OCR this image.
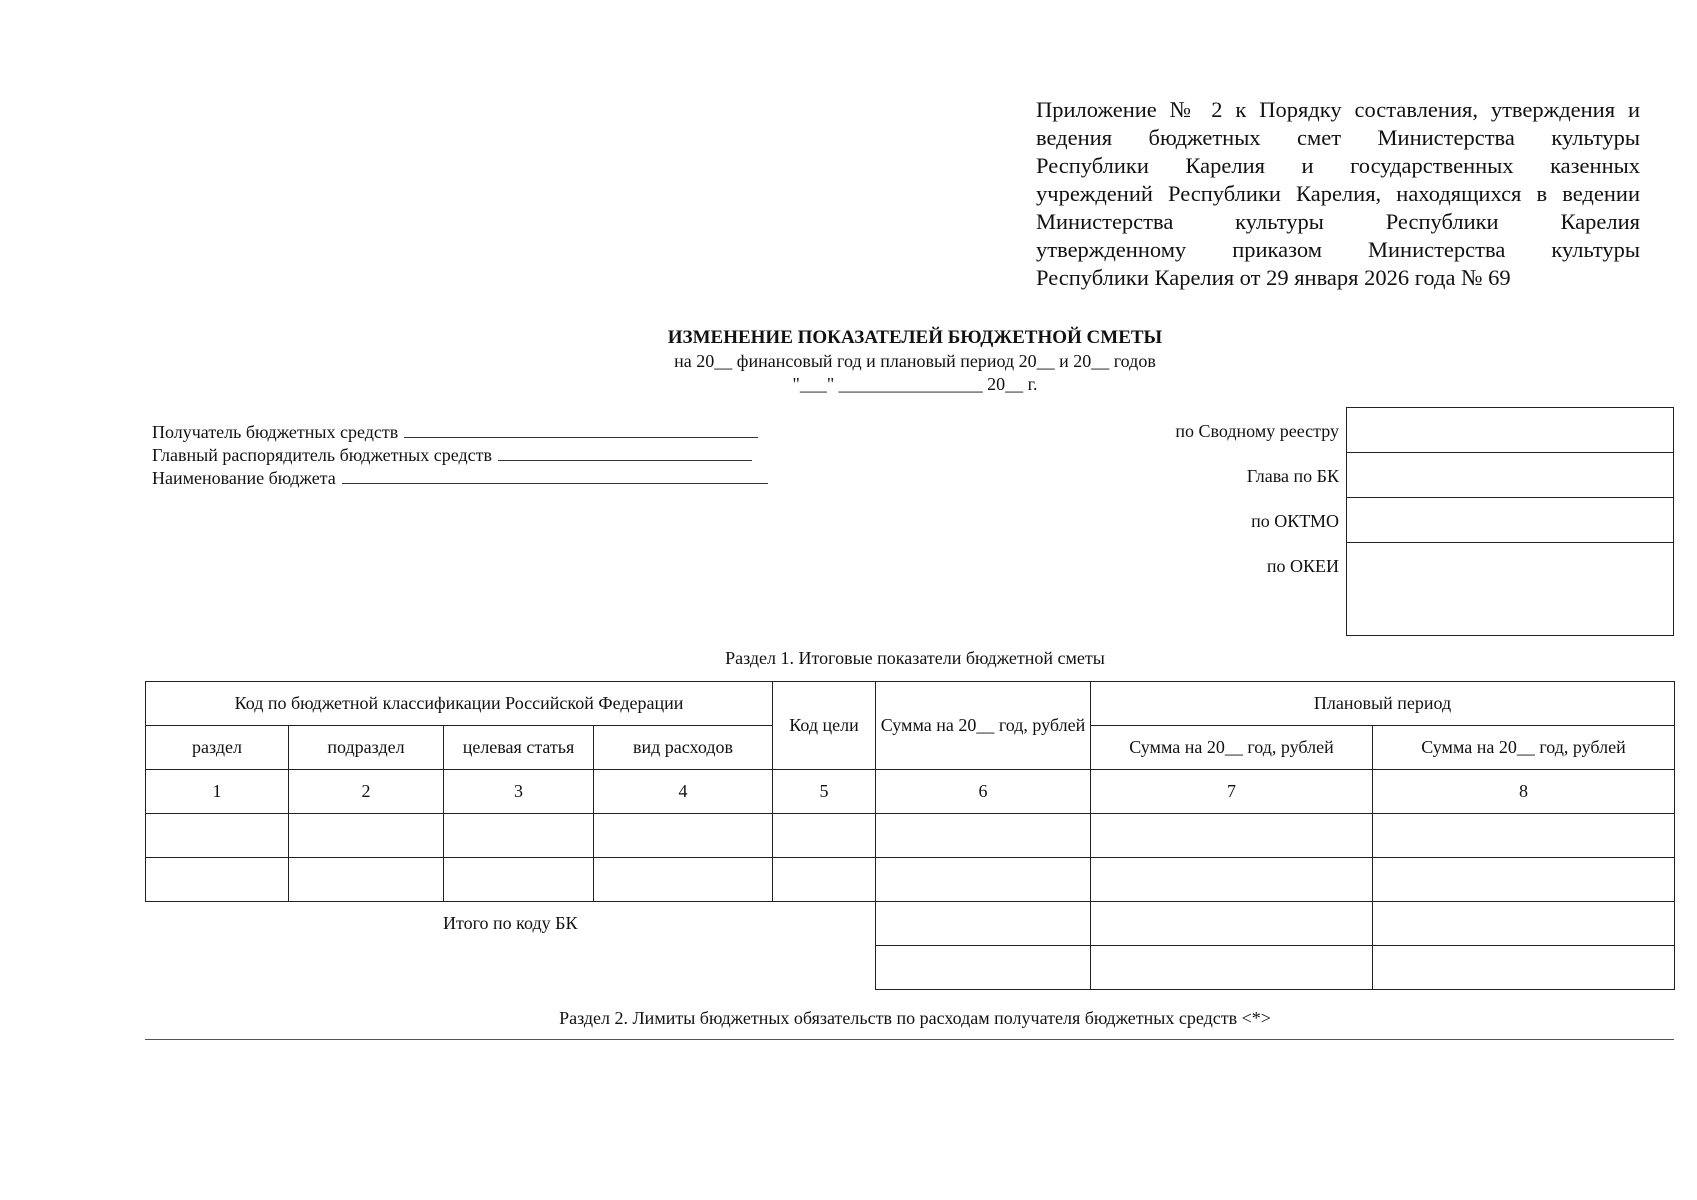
Приложение № 2 к Порядку составления, утверждения и
ведения бюджетных смет Министерства культуры
Республики Карелия и государственных казенных
учреждений Республики Карелия, находящихся в ведении
Министерства культуры Республики Карелия
утвержденному приказом Министерства культуры
Республики Карелия от 29 января 2026 года № 69
ИЗМЕНЕНИЕ ПОКАЗАТЕЛЕЙ БЮДЖЕТНОЙ СМЕТЫ
на 20__ финансовый год и плановый период 20__ и 20__ годов
"___" ________________ 20__ г.
Получатель бюджетных средств
Главный распорядитель бюджетных средств
Наименование бюджета
по Сводному реестру
Глава по БК
по ОКТМО
по ОКЕИ
Раздел 1. Итоговые показатели бюджетной сметы
Код по бюджетной классификации Российской Федерации				Код цели	Сумма на 20__ год, рублей	Плановый период	
раздел	подраздел	целевая статья	вид расходов			Сумма на 20__ год, рублей	Сумма на 20__ год, рублей
1	2	3	4	5	6	7	8

Итого по коду БК							

Раздел 2. Лимиты бюджетных обязательств по расходам получателя бюджетных средств <*>
